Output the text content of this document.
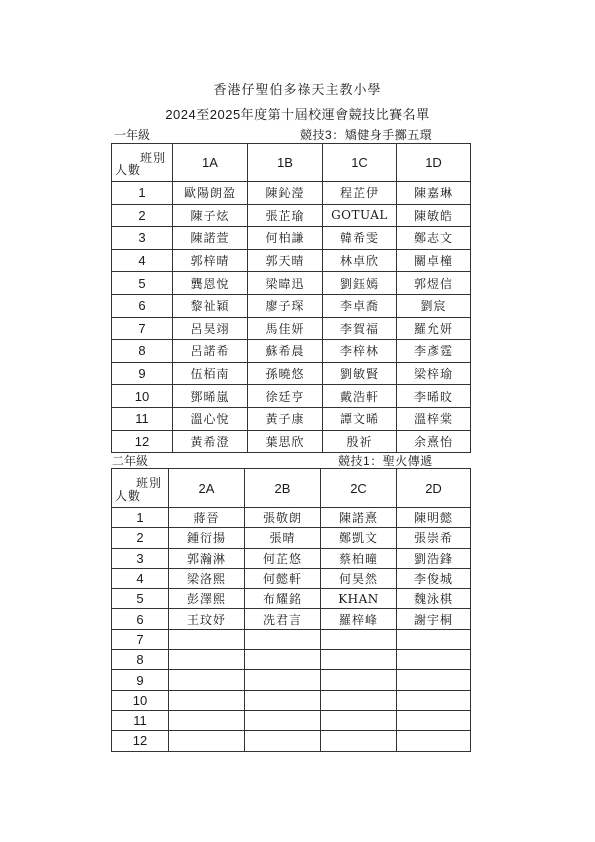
香港仔聖伯多祿天主教小學
2024至2025年度第十屆校運會競技比賽名單
一年級	競技3：矯健身手擲五環
班別
人數	1A	1B	1C	1D
1	歐陽朗盈	陳鈊瀅	程芷伊	陳嘉琳
2	陳子炫	張芷瑜	GOTUAL	陳敏皓
3	陳諾萱	何柏謙	韓希雯	鄭志文
4	郭梓晴	郭天晴	林卓欣	關卓橦
5	龔恩悅	梁暐迅	劉鈺嫣	郭煜信
6	黎祉穎	廖子琛	李卓喬	劉宸
7	呂昊翊	馬佳妍	李賀福	羅允妍
8	呂諾希	蘇希晨	李梓林	李彥霆
9	伍栢南	孫曉悠	劉敏賢	梁梓瑜
10	鄧晞嵐	徐廷亨	戴浩軒	李晞旼
11	溫心悅	黃子康	譚文晞	溫梓棠
12	黃希澄	葉思欣	殷祈	余熹怡
二年級	競技1：聖火傳遞
班別
人數	2A	2B	2C	2D
1	蔣晉	張敬朗	陳諾熹	陳明懿
2	鍾衍揚	張晴	鄭凱文	張崇希
3	郭瀚淋	何芷悠	蔡柏曈	劉浩鋒
4	梁洛熙	何懿軒	何昊然	李俊城
5	彭澤熙	布耀銘	KHAN	魏泳棋
6	王玟妤	冼君言	羅梓峰	謝宇桐
7				
8				
9				
10				
11				
12				
